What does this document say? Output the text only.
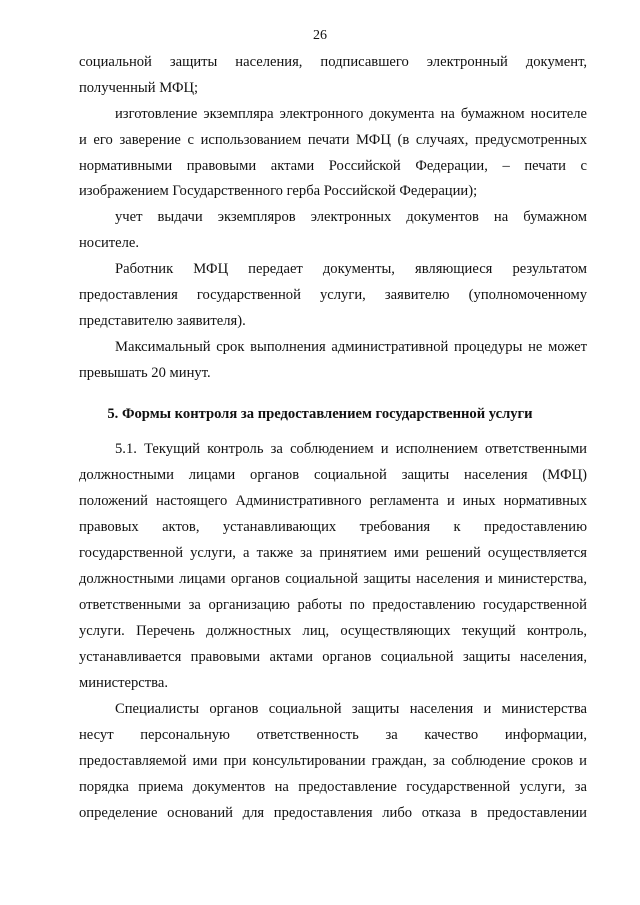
26
социальной защиты населения, подписавшего электронный документ,
полученный МФЦ;
изготовление экземпляра электронного документа на бумажном носителе
и его заверение с использованием печати МФЦ (в случаях, предусмотренных
нормативными правовыми актами Российской Федерации, – печати с
изображением Государственного герба Российской Федерации);
учет выдачи экземпляров электронных документов на бумажном
носителе.
Работник МФЦ передает документы, являющиеся результатом
предоставления государственной услуги, заявителю (уполномоченному
представителю заявителя).
Максимальный срок выполнения административной процедуры не может
превышать 20 минут.
5. Формы контроля за предоставлением государственной услуги
5.1. Текущий контроль за соблюдением и исполнением ответственными
должностными лицами органов социальной защиты населения (МФЦ)
положений настоящего Административного регламента и иных нормативных
правовых актов, устанавливающих требования к предоставлению
государственной услуги, а также за принятием ими решений осуществляется
должностными лицами органов социальной защиты населения и министерства,
ответственными за организацию работы по предоставлению государственной
услуги. Перечень должностных лиц, осуществляющих текущий контроль,
устанавливается правовыми актами органов социальной защиты населения,
министерства.
Специалисты органов социальной защиты населения и министерства
несут персональную ответственность за качество информации,
предоставляемой ими при консультировании граждан, за соблюдение сроков и
порядка приема документов на предоставление государственной услуги, за
определение оснований для предоставления либо отказа в предоставлении
